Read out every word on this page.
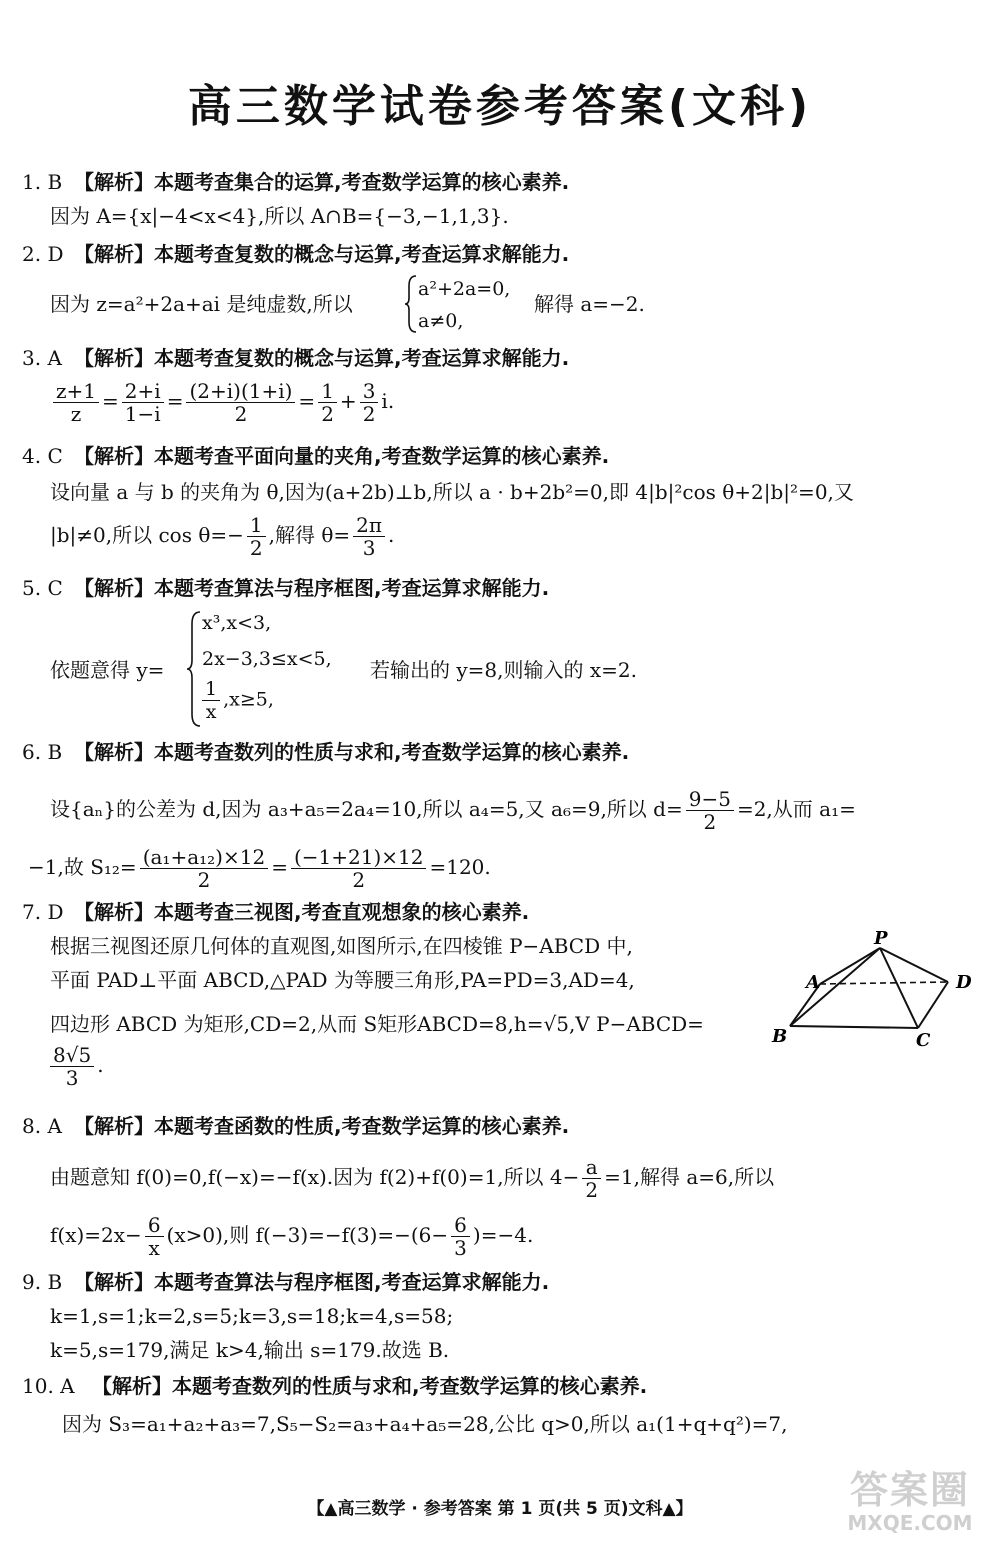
高三数学试卷参考答案(文科)
1. B 【解析】本题考查集合的运算,考查数学运算的核心素养.
因为 A={x|−4<x<4},所以 A∩B={−3,−1,1,3}.
2. D 【解析】本题考查复数的概念与运算,考查运算求解能力.
因为 z=a²+2a+ai 是纯虚数,所以
a²+2a=0,
a≠0,
解得 a=−2.
3. A 【解析】本题考查复数的概念与运算,考查运算求解能力.
$\frac{z+1}{z} = \frac{2+i}{1-i} = \frac{(2+i)(1+i)}{2} = \frac{1}{2} + \frac{3}{2} i$.
4. C 【解析】本题考查平面向量的夹角,考查数学运算的核心素养.
设向量 a 与 b 的夹角为 θ,因为(a+2b)⊥b,所以 a · b+2b²=0,即 4|b|²cos θ+2|b|²=0,又
|b|≠0,所以 $\cos \theta=- \frac{1}{2}$ ,解得 $\theta= \frac{2\pi}{3}$ .
5. C 【解析】本题考查算法与程序框图,考查运算求解能力.
依题意得 y=
x³,x<3,
2x−3,3≤x<5,
$\frac{1}{x} ,x\ge 5$,
若输出的 y=8,则输入的 x=2.
6. B 【解析】本题考查数列的性质与求和,考查数学运算的核心素养.
设{aₙ}的公差为 d,因为 a₃+a₅=2a₄=10,所以 a₄=5,又 a₆=9,所以 $d= \frac{9-5}{2} =2$,从而 a₁=
−1,故 $S_{12}= \frac{\text{(a₁+a₁₂)×12}}{2} = \frac{(-1+21)\times 12}{2} =120$.
7. D 【解析】本题考查三视图,考查直观想象的核心素养.
根据三视图还原几何体的直观图,如图所示,在四棱锥 P−ABCD 中,
平面 PAD⊥平面 ABCD,△PAD 为等腰三角形,PA=PD=3,AD=4,
四边形 ABCD 为矩形,CD=2,从而 S矩形ABCD=8,h=√5,V P−ABCD=
$\frac{8√5}{3}$ .
P
A
B	C
D
8. A 【解析】本题考查函数的性质,考查数学运算的核心素养.
由题意知 f(0)=0,f(−x)=−f(x).因为 f(2)+f(0)=1,所以 $4- \frac{a}{2} =1$,解得 a=6,所以
$f(x)=2x- \frac{6}{x} (x>0)$,则 $f(-3)=-f(3)=-(6- \frac{6}{3} )=-4$.
9. B 【解析】本题考查算法与程序框图,考查运算求解能力.
k=1,s=1;k=2,s=5;k=3,s=18;k=4,s=58;
k=5,s=179,满足 k>4,输出 s=179.故选 B.
10. A 【解析】本题考查数列的性质与求和,考查数学运算的核心素养.
因为 S₃=a₁+a₂+a₃=7,S₅−S₂=a₃+a₄+a₅=28,公比 q>0,所以 a₁(1+q+q²)=7,
【▲高三数学 · 参考答案 第 1 页(共 5 页)文科▲】	答案圈
MXQE.COM
